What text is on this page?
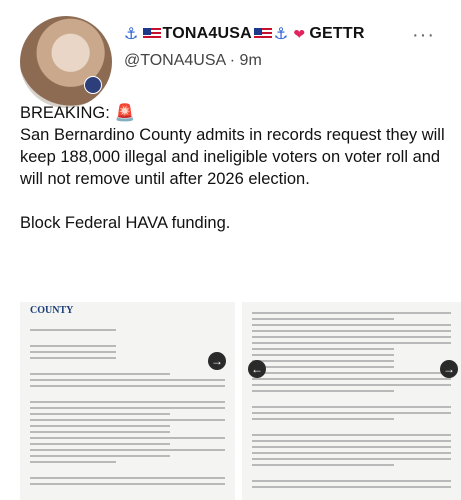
⚓ TONA4USA ⚓ ❤ GETTR
@TONA4USA · 9m
···

BREAKING: 🚨

San Bernardino County admits in records request they will keep 188,000 illegal and ineligible voters on voter roll and will not remove until after 2026 election.

Block Federal HAVA funding.

COUNTY
→
←	→
